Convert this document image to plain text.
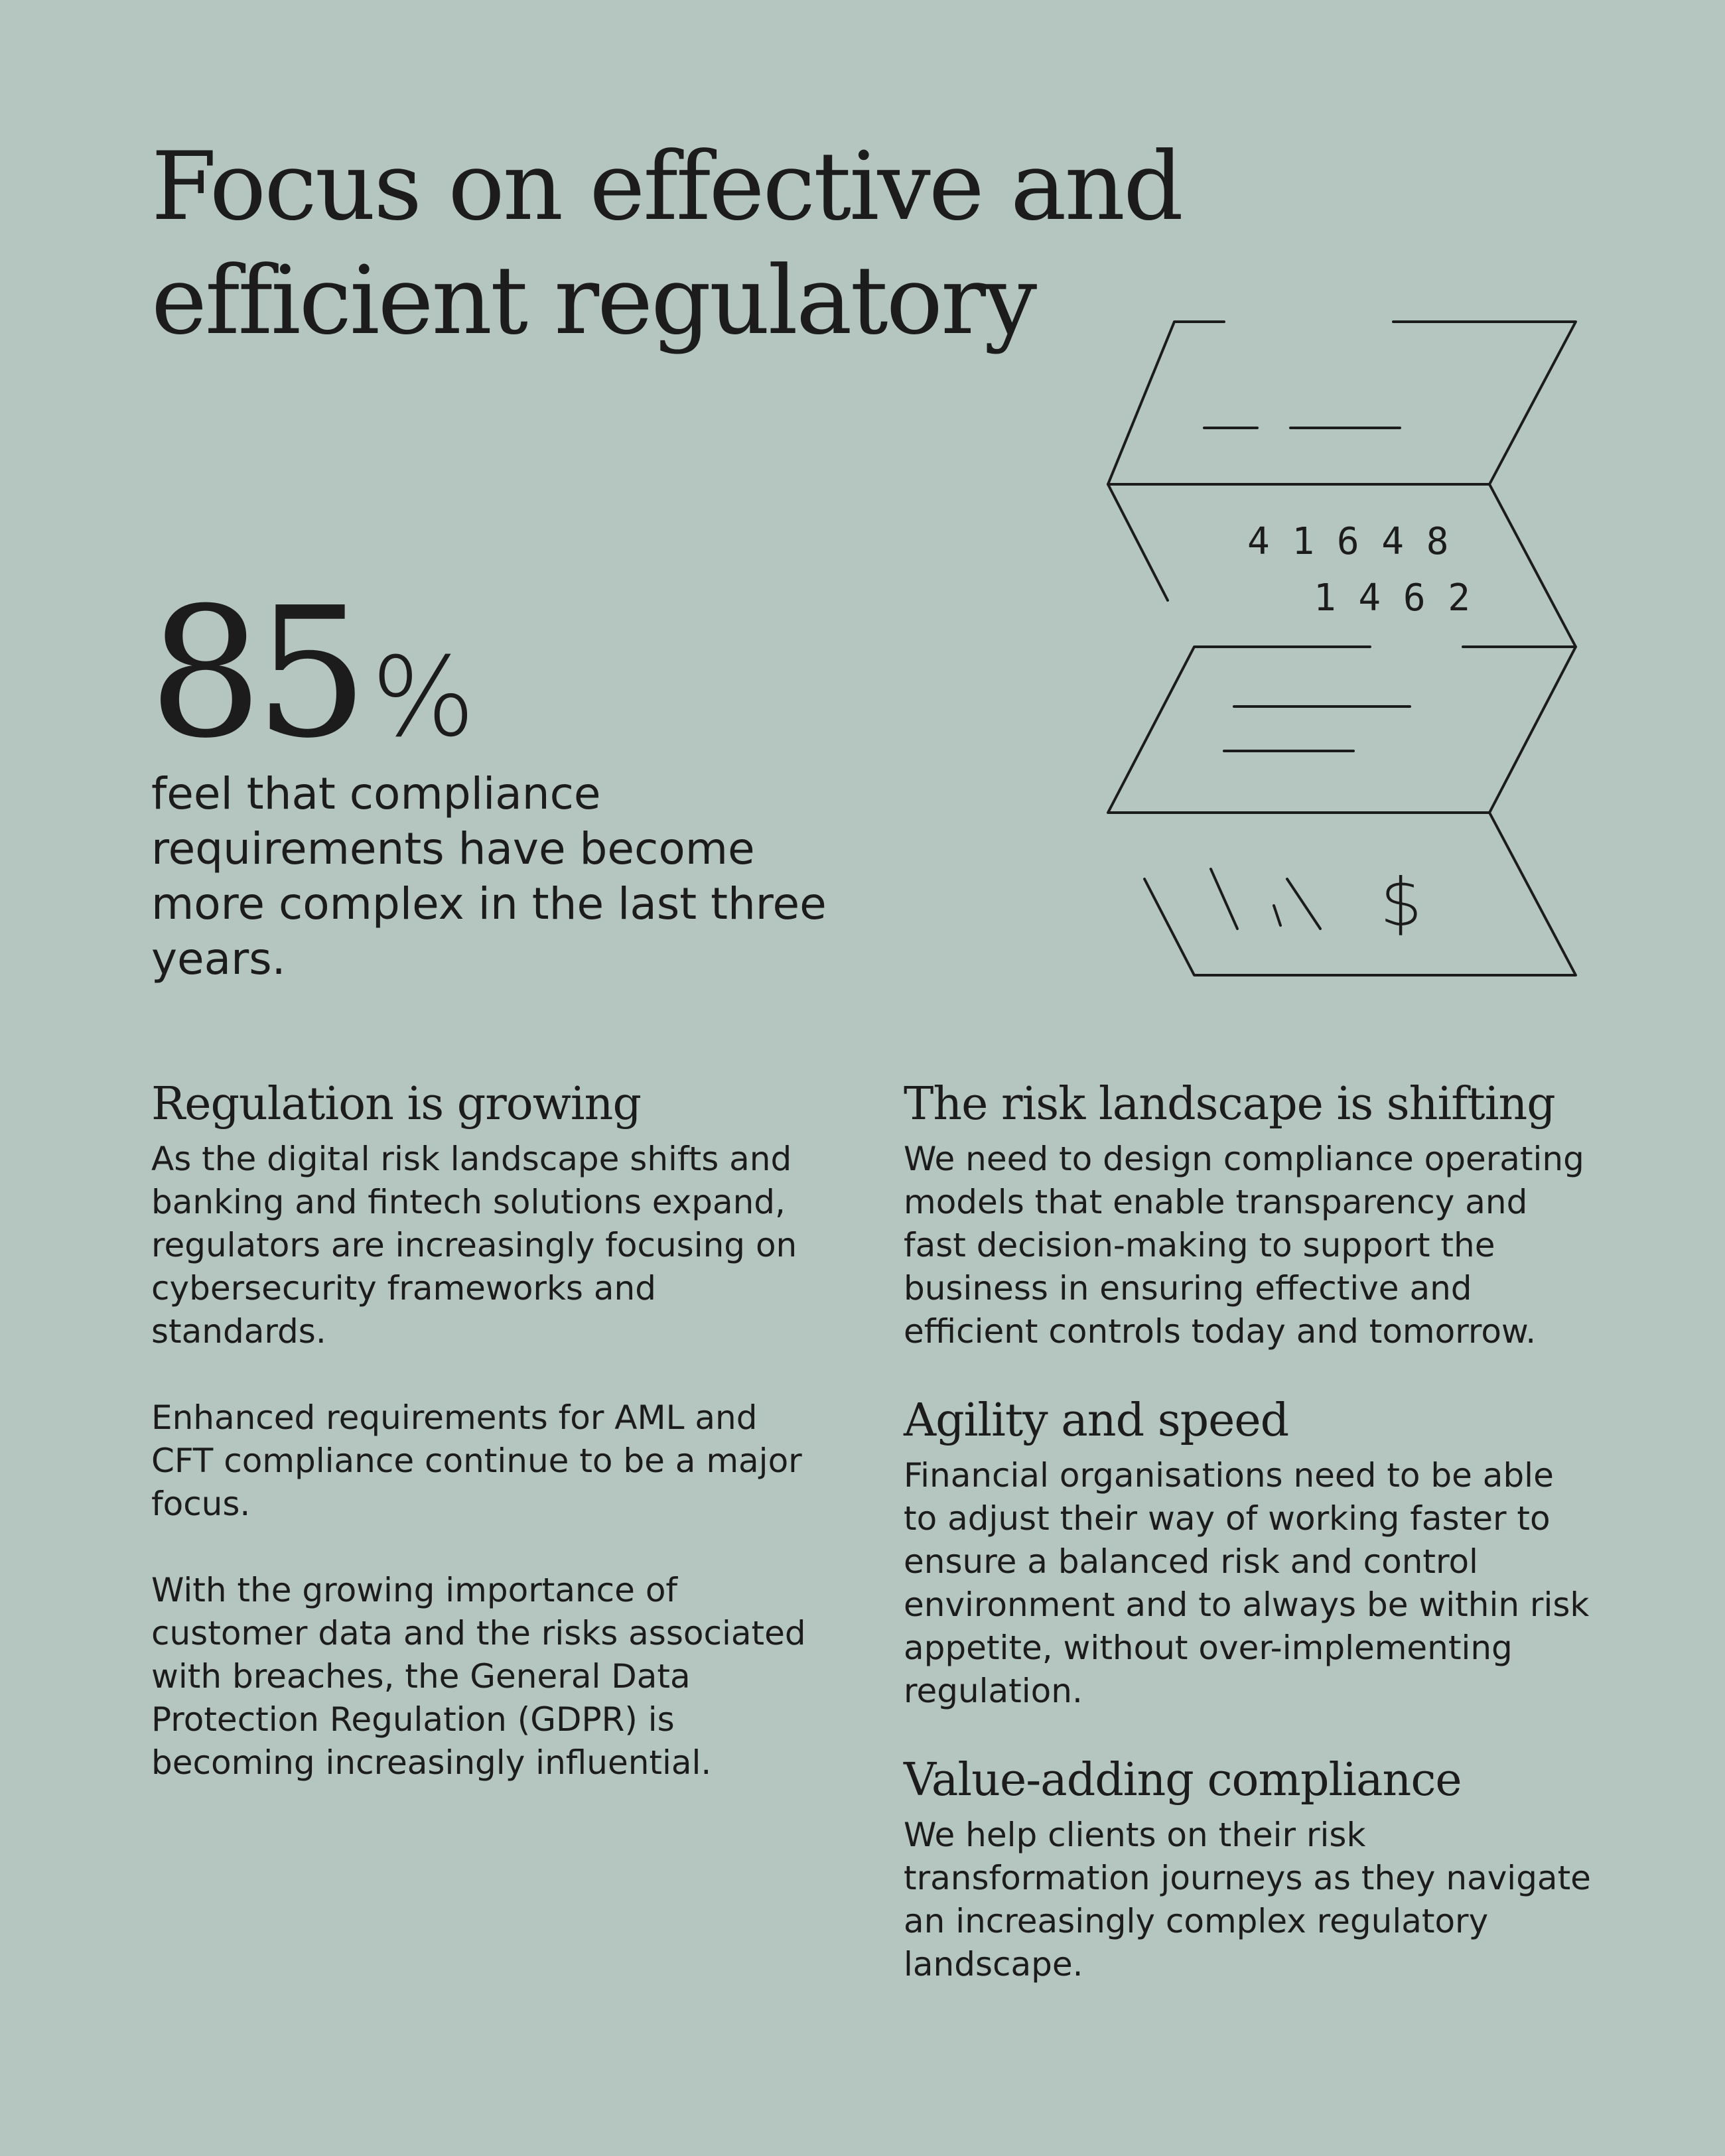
Focus on effective and
efficient regulatory
85%

feel that compliance requirements have become more complex in the last three years.

4 1 6 4 8
1 4 6 2
$
Regulation is growing

As the digital risk landscape shifts and banking and fintech solutions expand, regulators are increasingly focusing on cybersecurity frameworks and standards.

Enhanced requirements for AML and CFT compliance continue to be a major focus.

With the growing importance of customer data and the risks associated with breaches, the General Data Protection Regulation (GDPR) is becoming increasingly influential.

The risk landscape is shifting

We need to design compliance operating models that enable transparency and fast decision-making to support the business in ensuring effective and efficient controls today and tomorrow.

Agility and speed

Financial organisations need to be able to adjust their way of working faster to ensure a balanced risk and control environment and to always be within risk appetite, without over-implementing regulation.

Value-adding compliance

We help clients on their risk transformation journeys as they navigate an increasingly complex regulatory landscape.
